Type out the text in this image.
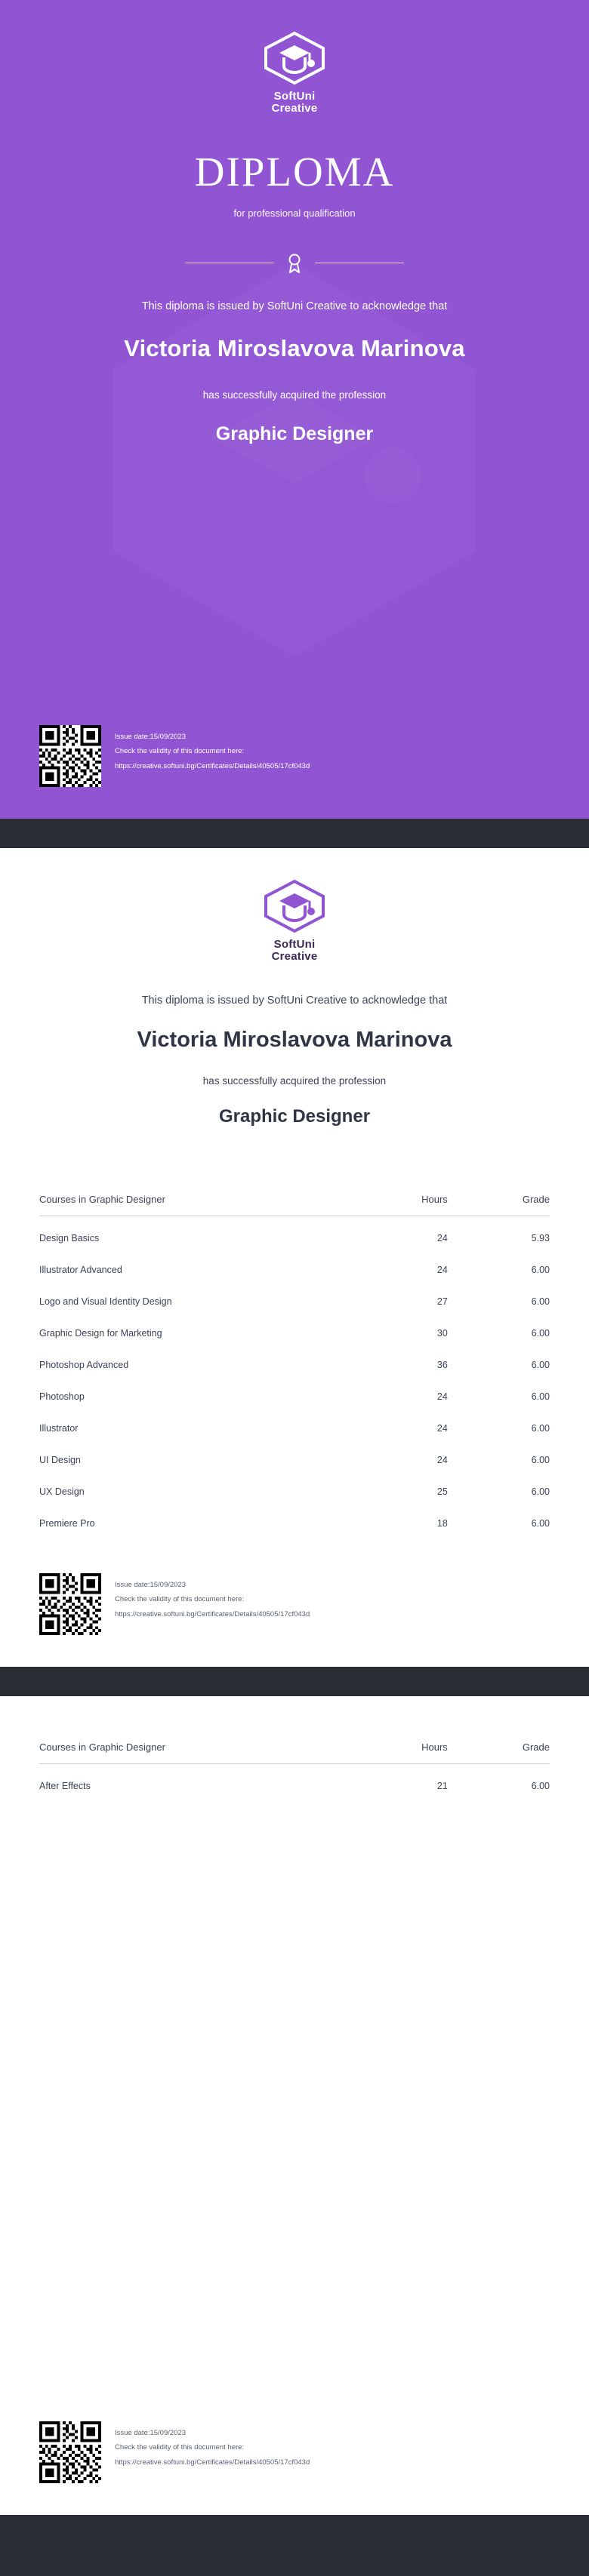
SoftUni
Creative
DIPLOMA
for professional qualification
This diploma is issued by SoftUni Creative to acknowledge that
Victoria Miroslavova Marinova
has successfully acquired the profession
Graphic Designer
Issue date:15/09/2023
Check the validity of this document here:
https://creative.softuni.bg/Certificates/Details/40505/17cf043d
SoftUni
Creative
This diploma is issued by SoftUni Creative to acknowledge that
Victoria Miroslavova Marinova
has successfully acquired the profession
Graphic Designer
Courses in Graphic Designer	Hours	Grade
Design Basics	24	5.93
Illustrator Advanced	24	6.00
Logo and Visual Identity Design	27	6.00
Graphic Design for Marketing	30	6.00
Photoshop Advanced	36	6.00
Photoshop	24	6.00
Illustrator	24	6.00
UI Design	24	6.00
UX Design	25	6.00
Premiere Pro	18	6.00
Issue date:15/09/2023
Check the validity of this document here:
https://creative.softuni.bg/Certificates/Details/40505/17cf043d
Courses in Graphic Designer	Hours	Grade
After Effects	21	6.00
Issue date:15/09/2023
Check the validity of this document here:
https://creative.softuni.bg/Certificates/Details/40505/17cf043d
